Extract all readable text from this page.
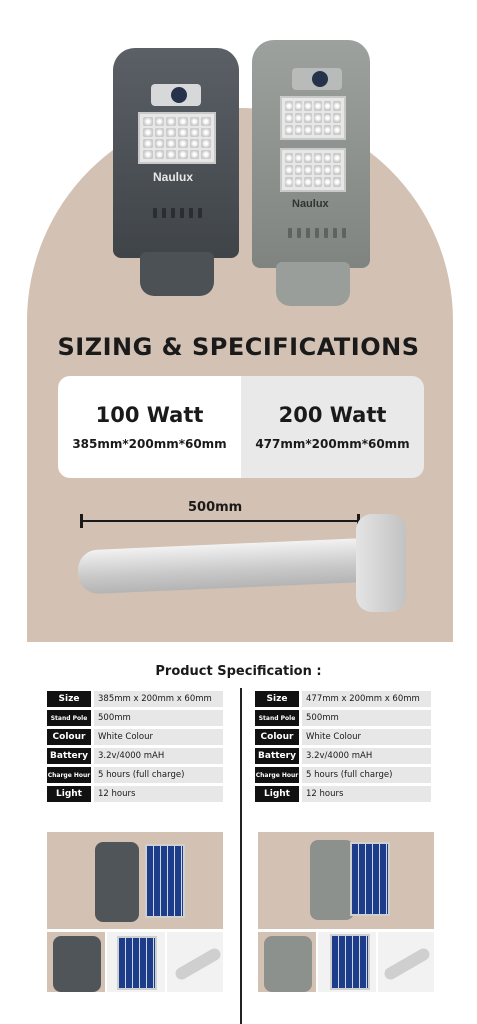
Naulux
Naulux
SIZING & SPECIFICATIONS
100 Watt
385mm*200mm*60mm
200 Watt
477mm*200mm*60mm
500mm
Product Specification :
Size	385mm x 200mm x 60mm
Stand Pole	500mm
Colour	White Colour
Battery	3.2v/4000 mAH
Charge Hour 5 hours (full charge)
Light	12 hours
Size	477mm x 200mm x 60mm
Stand Pole	500mm
Colour	White Colour
Battery	3.2v/4000 mAH
Charge Hour 5 hours (full charge)
Light	12 hours
